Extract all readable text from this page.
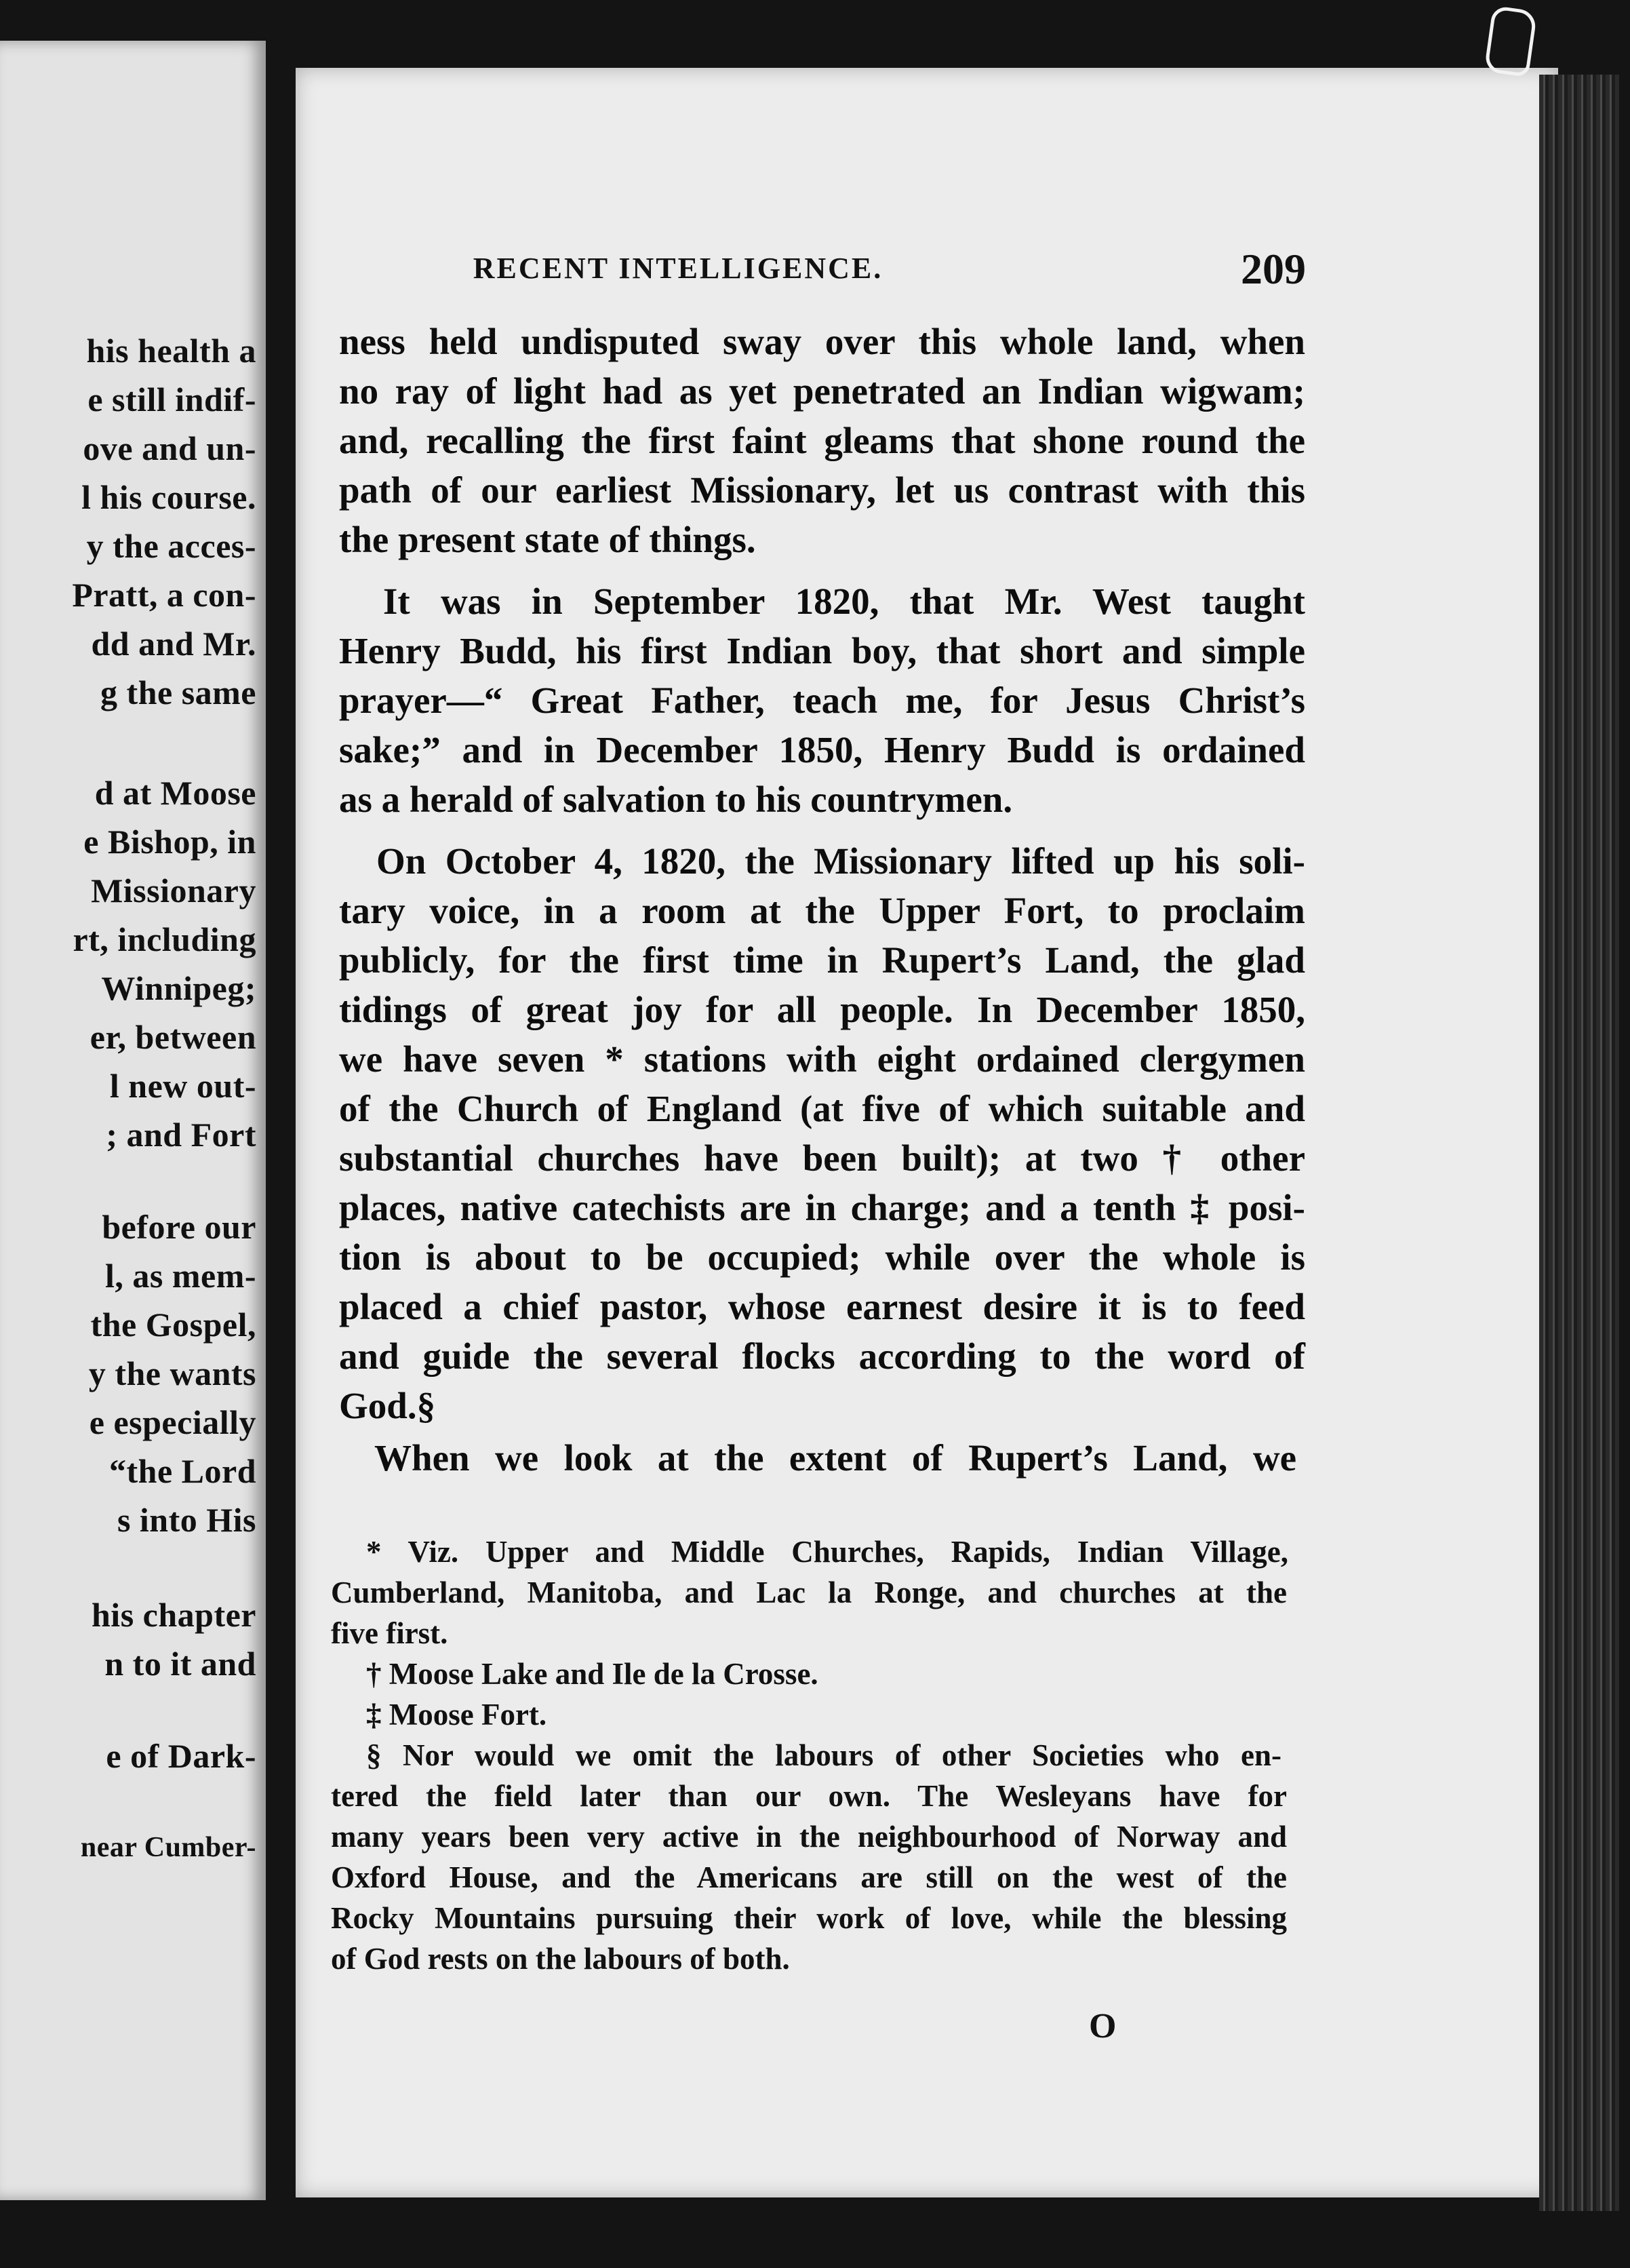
his health a
e still indif-
ove and un-
l his course.
y the acces-
Pratt, a con-
dd and Mr.
g the same
d at Moose
e Bishop, in
Missionary
rt, including
Winnipeg;
er, between
l new out-
; and Fort
before our
l, as mem-
the Gospel,
y the wants
e especially
“the Lord
s into His
his chapter
n to it and
e of Dark-
near Cumber-
RECENT INTELLIGENCE.	209
ness held undisputed sway over this whole land, when
no ray of light had as yet penetrated an Indian wigwam;
and, recalling the first faint gleams that shone round the
path of our earliest Missionary, let us contrast with this
the present state of things.
It was in September 1820, that Mr. West taught
Henry Budd, his first Indian boy, that short and simple
prayer—“ Great Father, teach me, for Jesus Christ’s
sake;” and in December 1850, Henry Budd is ordained
as a herald of salvation to his countrymen.
On October 4, 1820, the Missionary lifted up his soli-
tary voice, in a room at the Upper Fort, to proclaim
publicly, for the first time in Rupert’s Land, the glad
tidings of great joy for all people. In December 1850,
we have seven * stations with eight ordained clergymen
of the Church of England (at five of which suitable and
substantial churches have been built); at two † other
places, native catechists are in charge; and a tenth ‡ posi-
tion is about to be occupied; while over the whole is
placed a chief pastor, whose earnest desire it is to feed
and guide the several flocks according to the word of
God.§
When we look at the extent of Rupert’s Land, we
* Viz. Upper and Middle Churches, Rapids, Indian Village,
Cumberland, Manitoba, and Lac la Ronge, and churches at the
five first.
† Moose Lake and Ile de la Crosse.
‡ Moose Fort.
§ Nor would we omit the labours of other Societies who en-
tered the field later than our own. The Wesleyans have for
many years been very active in the neighbourhood of Norway and
Oxford House, and the Americans are still on the west of the
Rocky Mountains pursuing their work of love, while the blessing
of God rests on the labours of both.
O
